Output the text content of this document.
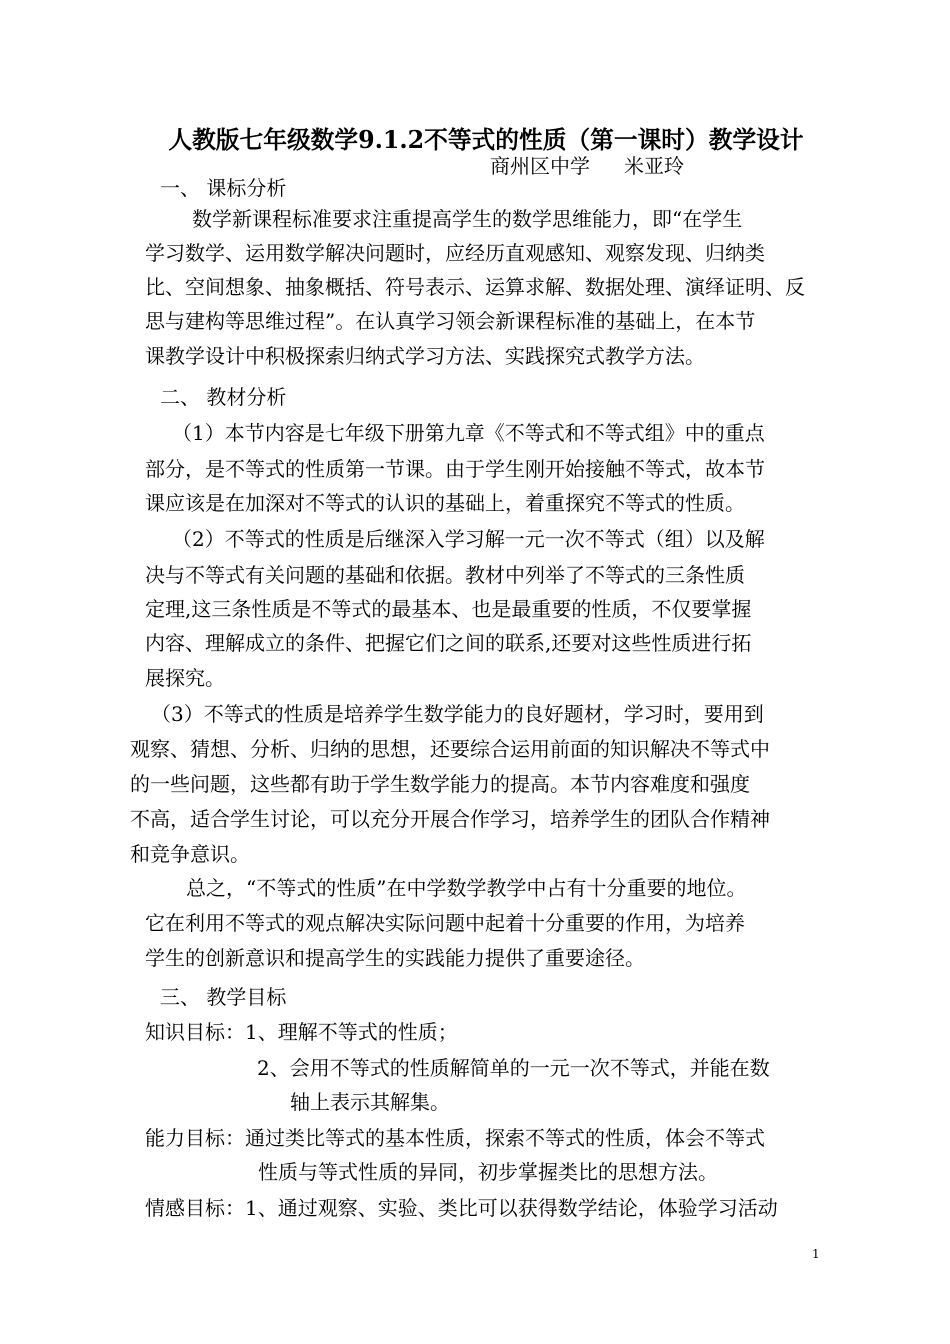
人教版七年级数学9.1.2不等式的性质（第一课时）教学设计
商州区中学 米亚玲
一、 课标分析
数学新课程标准要求注重提高学生的数学思维能力，即“在学生
学习数学、运用数学解决问题时，应经历直观感知、观察发现、归纳类
比、空间想象、抽象概括、符号表示、运算求解、数据处理、演绎证明、反
思与建构等思维过程”。在认真学习领会新课程标准的基础上，在本节
课教学设计中积极探索归纳式学习方法、实践探究式教学方法。
二、 教材分析
（1）本节内容是七年级下册第九章《不等式和不等式组》中的重点
部分，是不等式的性质第一节课。由于学生刚开始接触不等式，故本节
课应该是在加深对不等式的认识的基础上，着重探究不等式的性质。
（2）不等式的性质是后继深入学习解一元一次不等式（组）以及解
决与不等式有关问题的基础和依据。教材中列举了不等式的三条性质
定理,这三条性质是不等式的最基本、也是最重要的性质，不仅要掌握
内容、理解成立的条件、把握它们之间的联系,还要对这些性质进行拓
展探究。
（3）不等式的性质是培养学生数学能力的良好题材，学习时，要用到
观察、猜想、分析、归纳的思想，还要综合运用前面的知识解决不等式中
的一些问题，这些都有助于学生数学能力的提高。本节内容难度和强度
不高，适合学生讨论，可以充分开展合作学习，培养学生的团队合作精神
和竞争意识。
总之，“不等式的性质”在中学数学教学中占有十分重要的地位。
它在利用不等式的观点解决实际问题中起着十分重要的作用，为培养
学生的创新意识和提高学生的实践能力提供了重要途径。
三、 教学目标
知识目标：1、理解不等式的性质；
2、会用不等式的性质解简单的一元一次不等式，并能在数
轴上表示其解集。
能力目标：通过类比等式的基本性质，探索不等式的性质，体会不等式
性质与等式性质的异同，初步掌握类比的思想方法。
情感目标：1、通过观察、实验、类比可以获得数学结论，体验学习活动
1
